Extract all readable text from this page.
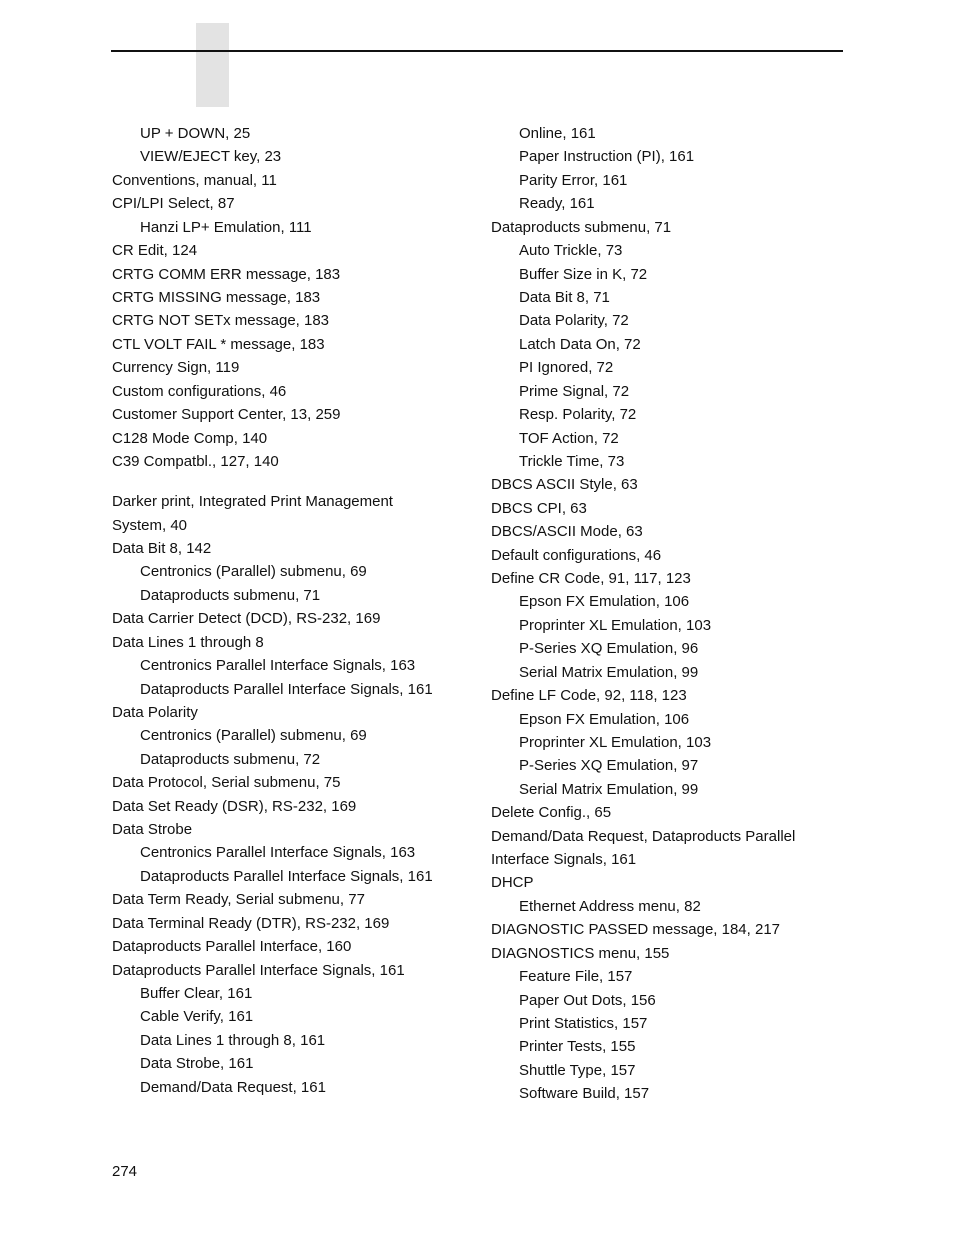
UP + DOWN, 25
VIEW/EJECT key, 23
Conventions, manual, 11
CPI/LPI Select, 87
Hanzi LP+ Emulation, 111
CR Edit, 124
CRTG COMM ERR message, 183
CRTG MISSING message, 183
CRTG NOT SETx message, 183
CTL VOLT FAIL * message, 183
Currency Sign, 119
Custom configurations, 46
Customer Support Center, 13, 259
C128 Mode Comp, 140
C39 Compatbl., 127, 140
Darker print, Integrated Print Management
System, 40
Data Bit 8, 142
Centronics (Parallel) submenu, 69
Dataproducts submenu, 71
Data Carrier Detect (DCD), RS-232, 169
Data Lines 1 through 8
Centronics Parallel Interface Signals, 163
Dataproducts Parallel Interface Signals, 161
Data Polarity
Centronics (Parallel) submenu, 69
Dataproducts submenu, 72
Data Protocol, Serial submenu, 75
Data Set Ready (DSR), RS-232, 169
Data Strobe
Centronics Parallel Interface Signals, 163
Dataproducts Parallel Interface Signals, 161
Data Term Ready, Serial submenu, 77
Data Terminal Ready (DTR), RS-232, 169
Dataproducts Parallel Interface, 160
Dataproducts Parallel Interface Signals, 161
Buffer Clear, 161
Cable Verify, 161
Data Lines 1 through 8, 161
Data Strobe, 161
Demand/Data Request, 161
Online, 161
Paper Instruction (PI), 161
Parity Error, 161
Ready, 161
Dataproducts submenu, 71
Auto Trickle, 73
Buffer Size in K, 72
Data Bit 8, 71
Data Polarity, 72
Latch Data On, 72
PI Ignored, 72
Prime Signal, 72
Resp. Polarity, 72
TOF Action, 72
Trickle Time, 73
DBCS ASCII Style, 63
DBCS CPI, 63
DBCS/ASCII Mode, 63
Default configurations, 46
Define CR Code, 91, 117, 123
Epson FX Emulation, 106
Proprinter XL Emulation, 103
P-Series XQ Emulation, 96
Serial Matrix Emulation, 99
Define LF Code, 92, 118, 123
Epson FX Emulation, 106
Proprinter XL Emulation, 103
P-Series XQ Emulation, 97
Serial Matrix Emulation, 99
Delete Config., 65
Demand/Data Request, Dataproducts Parallel
Interface Signals, 161
DHCP
Ethernet Address menu, 82
DIAGNOSTIC PASSED message, 184, 217
DIAGNOSTICS menu, 155
Feature File, 157
Paper Out Dots, 156
Print Statistics, 157
Printer Tests, 155
Shuttle Type, 157
Software Build, 157
274
